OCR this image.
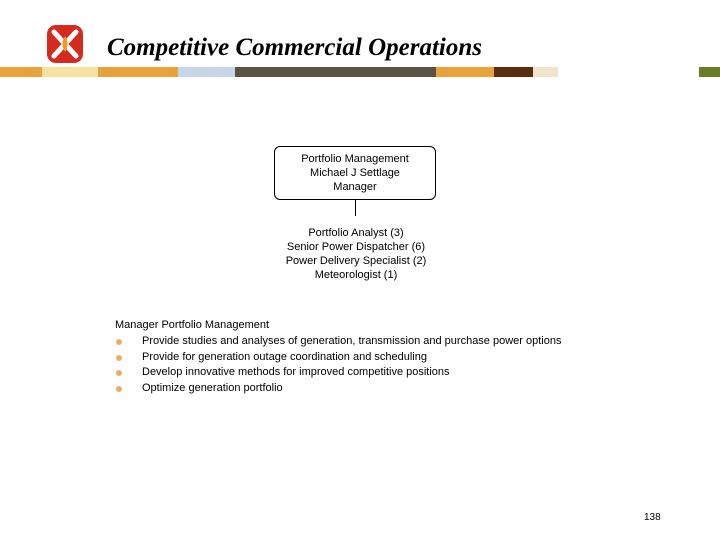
Competitive Commercial Operations
Portfolio Management
Michael J Settlage
Manager
Portfolio Analyst (3)
Senior Power Dispatcher (6)
Power Delivery Specialist (2)
Meteorologist (1)
Manager Portfolio Management
Provide studies and analyses of generation, transmission and purchase power options
Provide for generation outage coordination and scheduling
Develop innovative methods for improved competitive positions
Optimize generation portfolio
138
